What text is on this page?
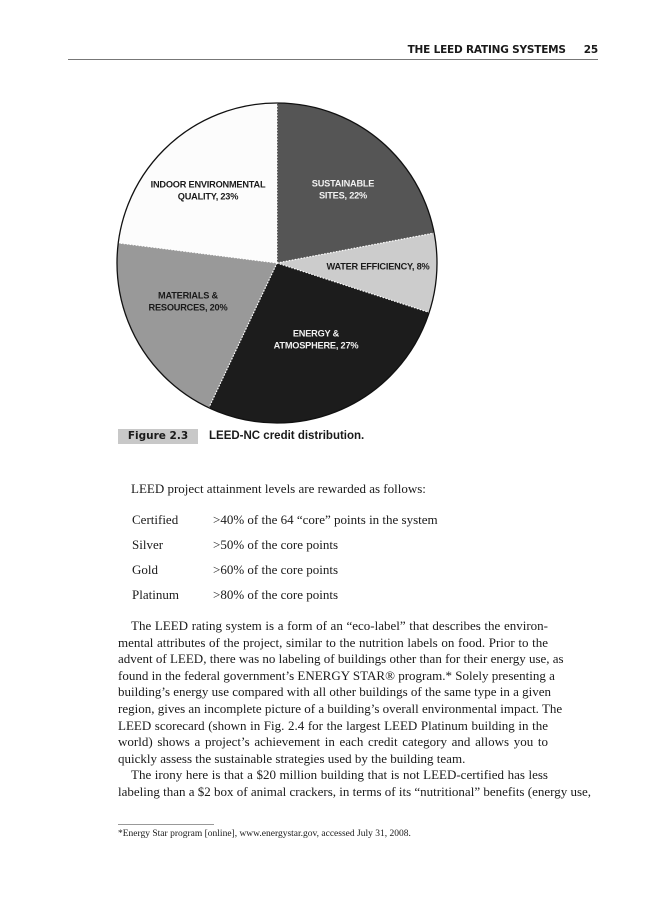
THE LEED RATING SYSTEMS 25
SUSTAINABLE
SITES, 22%
WATER EFFICIENCY, 8%
ENERGY &
ATMOSPHERE, 27%
MATERIALS &
RESOURCES, 20%
INDOOR ENVIRONMENTAL
QUALITY, 23%
Figure 2.3	LEED-NC credit distribution.
LEED project attainment levels are rewarded as follows:
Certified	>40% of the 64 “core” points in the system
Silver	>50% of the core points
Gold	>60% of the core points
Platinum	>80% of the core points
The LEED rating system is a form of an “eco-label” that describes the environ-
mental attributes of the project, similar to the nutrition labels on food. Prior to the
advent of LEED, there was no labeling of buildings other than for their energy use, as
found in the federal government’s ENERGY STAR® program.* Solely presenting a
building’s energy use compared with all other buildings of the same type in a given
region, gives an incomplete picture of a building’s overall environmental impact. The
LEED scorecard (shown in Fig. 2.4 for the largest LEED Platinum building in the
world) shows a project’s achievement in each credit category and allows you to
quickly assess the sustainable strategies used by the building team.
The irony here is that a $20 million building that is not LEED-certified has less
labeling than a $2 box of animal crackers, in terms of its “nutritional” benefits (energy use,
*Energy Star program [online], www.energystar.gov, accessed July 31, 2008.
